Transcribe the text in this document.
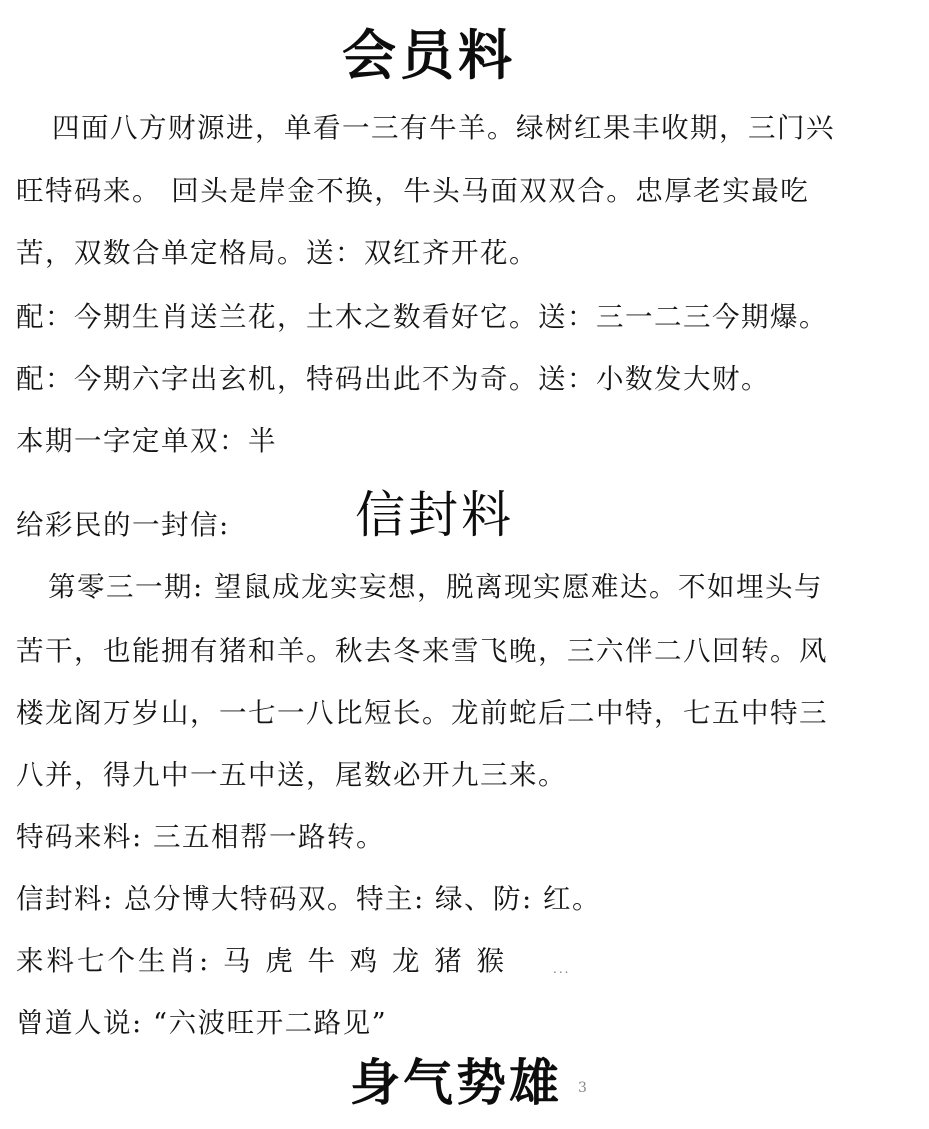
会员料
四面八方财源进，单看一三有牛羊。绿树红果丰收期，三门兴
旺特码来。 回头是岸金不换，牛头马面双双合。忠厚老实最吃
苦，双数合单定格局。送：双红齐开花。
配：今期生肖送兰花，土木之数看好它。送：三一二三今期爆。
配：今期六字出玄机，特码出此不为奇。送：小数发大财。
本期一字定单双：半
给彩民的一封信:	信封料
第零三一期: 望鼠成龙实妄想，脱离现实愿难达。不如埋头与
苦干，也能拥有猪和羊。秋去冬来雪飞晚，三六伴二八回转。风
楼龙阁万岁山，一七一八比短长。龙前蛇后二中特，七五中特三
八并，得九中一五中送，尾数必开九三来。
特码来料: 三五相帮一路转。
信封料: 总分博大特码双。特主: 绿、防: 红。
来料七个生肖: 马 虎 牛 鸡 龙 猪 猴	...
曾道人说: “六波旺开二路见”
身气势雄 3
